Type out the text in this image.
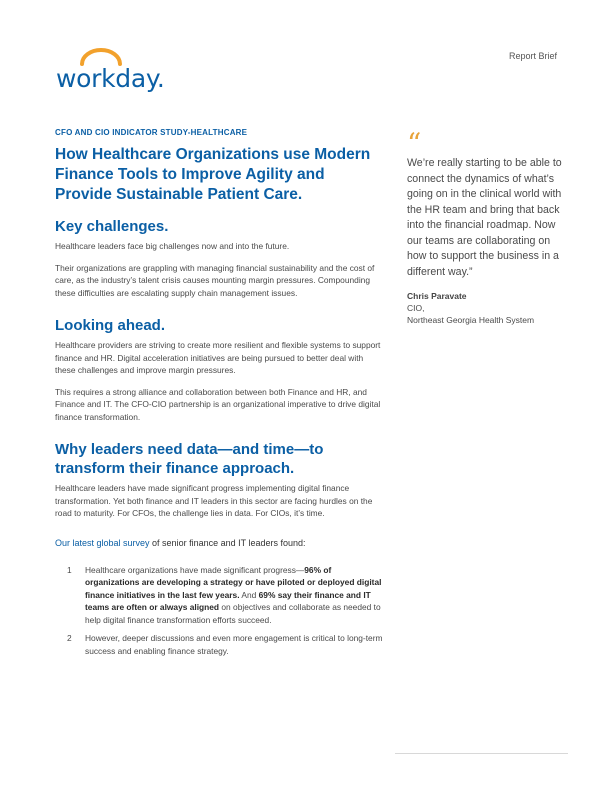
workday.
Report Brief

CFO AND CIO INDICATOR STUDY-HEALTHCARE

How Healthcare Organizations use Modern Finance Tools to Improve Agility and Provide Sustainable Patient Care.
Key challenges.

Healthcare leaders face big challenges now and into the future.

Their organizations are grappling with managing financial sustainability and the cost of care, as the industry’s talent crisis causes mounting margin pressures. Compounding these difficulties are escalating supply chain management issues.

Looking ahead.

Healthcare providers are striving to create more resilient and flexible systems to support finance and HR. Digital acceleration initiatives are being pursued to better deal with these challenges and improve margin pressures.

This requires a strong alliance and collaboration between both Finance and HR, and Finance and IT. The CFO-CIO partnership is an organizational imperative to drive digital finance transformation.

Why leaders need data—and time—to transform their finance approach.

Healthcare leaders have made significant progress implementing digital finance transformation. Yet both finance and IT leaders in this sector are facing hurdles on the road to maturity. For CFOs, the challenge lies in data. For CIOs, it’s time.

Our latest global survey of senior finance and IT leaders found:

1 Healthcare organizations have made significant progress—96% of organizations are developing a strategy or have piloted or deployed digital finance initiatives in the last few years. And 69% say their finance and IT teams are often or always aligned on objectives and collaborate as needed to help digital finance transformation efforts succeed.
2 However, deeper discussions and even more engagement is critical to long-term success and enabling finance strategy.
“

We’re really starting to be able to connect the dynamics of what’s going on in the clinical world with the HR team and bring that back into the financial roadmap. Now our teams are collaborating on how to support the business in a different way.”

Chris Paravate

CIO,

Northeast Georgia Health System
